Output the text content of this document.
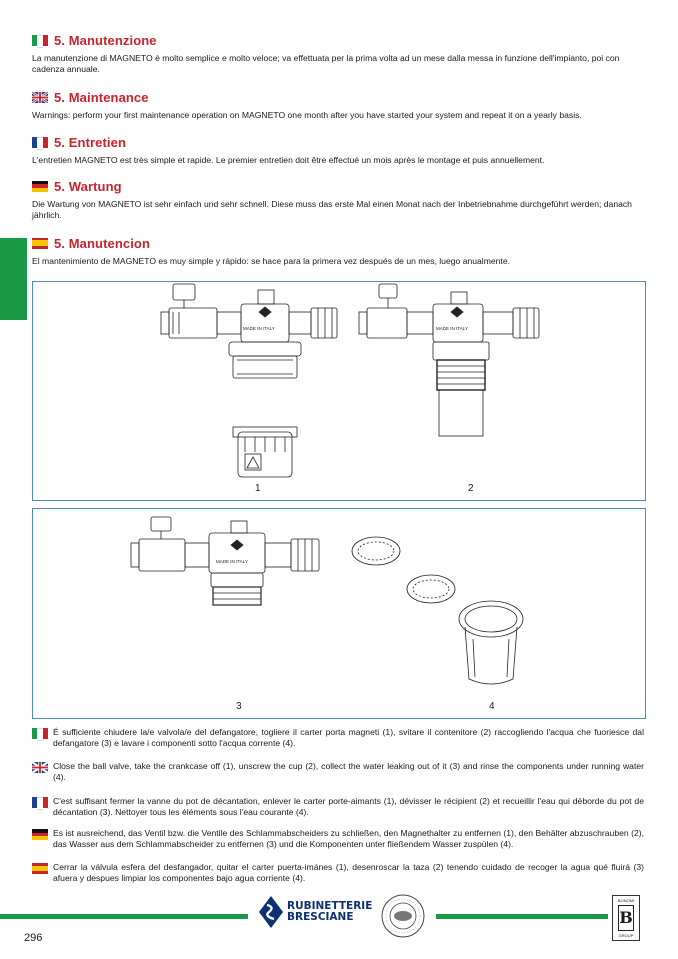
5. Manutenzione
La manutenzione di MAGNETO è molto semplice e molto veloce; va effettuata per la prima volta ad un mese dalla messa in funzione dell'impianto, poi con cadenza annuale.
5. Maintenance
Warnings: perform your first maintenance operation on MAGNETO one month after you have started your system and repeat it on a yearly basis.
5. Entretien
L'entretien MAGNETO est très simple et rapide. Le premier entretien doit être effectué un mois après le montage et puis annuellement.
5. Wartung
Die Wartung von MAGNETO ist sehr einfach und sehr schnell. Diese muss das erste Mal einen Monat nach der Inbetriebnahme durchgeführt werden; danach jährlich.
5. Manutencion
El mantenimiento de MAGNETO es muy simple y rápido: se hace para la primera vez después de un mes, luego anualmente.
MADE IN ITALY	MADE IN ITALY
1	2
MADE IN ITALY
3	4

É sufficiente chiudere la/e valvola/e del defangatore, togliere il carter porta magneti (1), svitare il contenitore (2) raccogliendo l'acqua che fuoriesce dal defangatore (3) e lavare i componenti sotto l'acqua corrente (4).

Close the ball valve, take the crankcase off (1), unscrew the cup (2), collect the water leaking out of it (3) and rinse the components under running water (4).

C'est suffisant fermer la vanne du pot de décantation, enlever le carter porte-aimants (1), dévisser le récipient (2) et recueillir l'eau qui déborde du pot de décantation (3). Nettoyer tous les éléments sous l'eau courante (4).

Es ist ausreichend, das Ventil bzw. die Ventile des Schlammabscheiders zu schließen, den Magnethalter zu entfernen (1), den Behälter abzuschrauben (2), das Wasser aus dem Schlammabscheider zu entfernen (3) und die Komponenten unter fließendem Wasser zuspülen (4).

Cerrar la válvula esfera del desfangador, quitar el carter puerta-imánes (1), desenroscar la taza (2) tenendo cuidado de recoger la agua qué fluirá (3) afuera y despues limpiar los componentes bajo agua corriente (4).

RUBINETTERIE
BRESCIANE
BONOMI
B
GROUP
296
